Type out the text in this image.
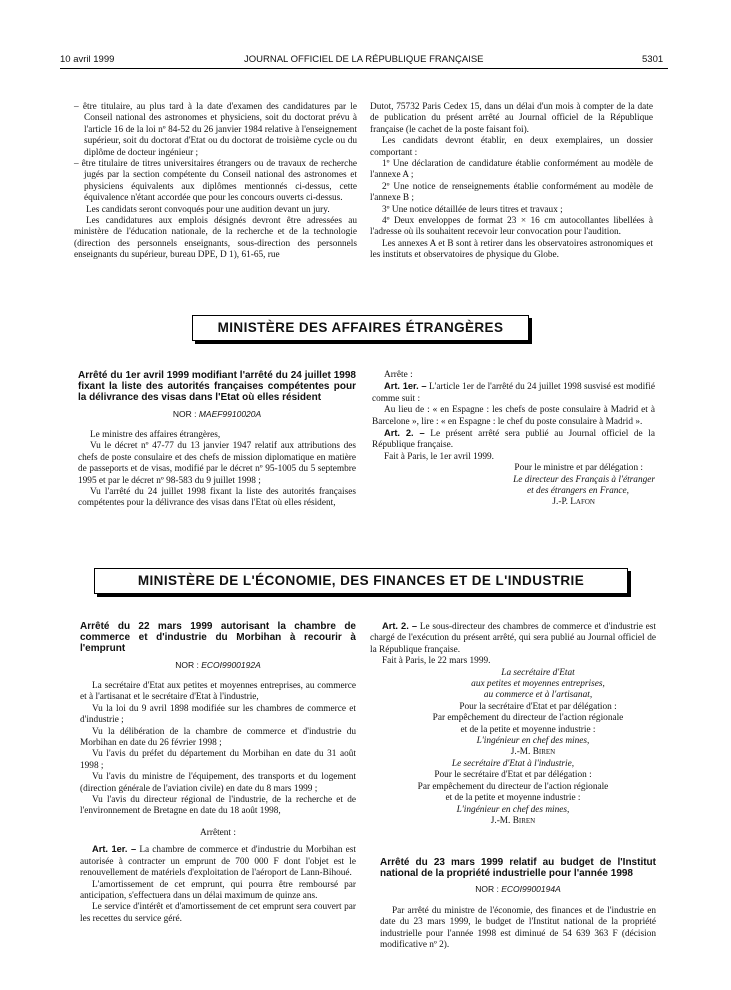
10 avril 1999	JOURNAL OFFICIEL DE LA RÉPUBLIQUE FRANÇAISE	5301

– être titulaire, au plus tard à la date d'examen des candidatures par le Conseil national des astronomes et physiciens, soit du doctorat prévu à l'article 16 de la loi nº 84-52 du 26 janvier 1984 relative à l'enseignement supérieur, soit du doctorat d'Etat ou du doctorat de troisième cycle ou du diplôme de docteur ingénieur ;

– être titulaire de titres universitaires étrangers ou de travaux de recherche jugés par la section compétente du Conseil national des astronomes et physiciens équivalents aux diplômes mentionnés ci-dessus, cette équivalence n'étant accordée que pour les concours ouverts ci-dessus.

Les candidats seront convoqués pour une audition devant un jury.

Les candidatures aux emplois désignés devront être adressées au ministère de l'éducation nationale, de la recherche et de la technologie (direction des personnels enseignants, sous-direction des personnels enseignants du supérieur, bureau DPE, D 1), 61-65, rue

Dutot, 75732 Paris Cedex 15, dans un délai d'un mois à compter de la date de publication du présent arrêté au Journal officiel de la République française (le cachet de la poste faisant foi).

Les candidats devront établir, en deux exemplaires, un dossier comportant :

1º Une déclaration de candidature établie conformément au modèle de l'annexe A ;

2º Une notice de renseignements établie conformément au modèle de l'annexe B ;

3º Une notice détaillée de leurs titres et travaux ;

4º Deux enveloppes de format 23 × 16 cm autocollantes libellées à l'adresse où ils souhaitent recevoir leur convocation pour l'audition.

Les annexes A et B sont à retirer dans les observatoires astronomiques et les instituts et observatoires de physique du Globe.

MINISTÈRE DES AFFAIRES ÉTRANGÈRES
Arrêté du 1er avril 1999 modifiant l'arrêté du 24 juillet 1998 fixant la liste des autorités françaises compétentes pour la délivrance des visas dans l'Etat où elles résident
NOR : MAEF9910020A

Le ministre des affaires étrangères,

Vu le décret nº 47-77 du 13 janvier 1947 relatif aux attributions des chefs de poste consulaire et des chefs de mission diplomatique en matière de passeports et de visas, modifié par le décret nº 95-1005 du 5 septembre 1995 et par le décret nº 98-583 du 9 juillet 1998 ;

Vu l'arrêté du 24 juillet 1998 fixant la liste des autorités françaises compétentes pour la délivrance des visas dans l'Etat où elles résident,

Arrête :

Art. 1er. – L'article 1er de l'arrêté du 24 juillet 1998 susvisé est modifié comme suit :

Au lieu de : « en Espagne : les chefs de poste consulaire à Madrid et à Barcelone », lire : « en Espagne : le chef du poste consulaire à Madrid ».

Art. 2. – Le présent arrêté sera publié au Journal officiel de la République française.

Fait à Paris, le 1er avril 1999.

Pour le ministre et par délégation :

Le directeur des Français à l'étranger

et des étrangers en France,

J.-P. Lafon

MINISTÈRE DE L'ÉCONOMIE, DES FINANCES ET DE L'INDUSTRIE
Arrêté du 22 mars 1999 autorisant la chambre de commerce et d'industrie du Morbihan à recourir à l'emprunt
NOR : ECOI9900192A

La secrétaire d'Etat aux petites et moyennes entreprises, au commerce et à l'artisanat et le secrétaire d'Etat à l'industrie,

Vu la loi du 9 avril 1898 modifiée sur les chambres de commerce et d'industrie ;

Vu la délibération de la chambre de commerce et d'industrie du Morbihan en date du 26 février 1998 ;

Vu l'avis du préfet du département du Morbihan en date du 31 août 1998 ;

Vu l'avis du ministre de l'équipement, des transports et du logement (direction générale de l'aviation civile) en date du 8 mars 1999 ;

Vu l'avis du directeur régional de l'industrie, de la recherche et de l'environnement de Bretagne en date du 18 août 1998,

Arrêtent :

Art. 1er. – La chambre de commerce et d'industrie du Morbihan est autorisée à contracter un emprunt de 700 000 F dont l'objet est le renouvellement de matériels d'exploitation de l'aéroport de Lann-Bihoué.

L'amortissement de cet emprunt, qui pourra être remboursé par anticipation, s'effectuera dans un délai maximum de quinze ans.

Le service d'intérêt et d'amortissement de cet emprunt sera couvert par les recettes du service géré.

Art. 2. – Le sous-directeur des chambres de commerce et d'industrie est chargé de l'exécution du présent arrêté, qui sera publié au Journal officiel de la République française.

Fait à Paris, le 22 mars 1999.

La secrétaire d'Etat

aux petites et moyennes entreprises,

au commerce et à l'artisanat,

Pour la secrétaire d'Etat et par délégation :

Par empêchement du directeur de l'action régionale

et de la petite et moyenne industrie :

L'ingénieur en chef des mines,

J.-M. Biren

Le secrétaire d'Etat à l'industrie,

Pour le secrétaire d'Etat et par délégation :

Par empêchement du directeur de l'action régionale

et de la petite et moyenne industrie :

L'ingénieur en chef des mines,

J.-M. Biren

Arrêté du 23 mars 1999 relatif au budget de l'Institut national de la propriété industrielle pour l'année 1998
NOR : ECOI9900194A

Par arrêté du ministre de l'économie, des finances et de l'industrie en date du 23 mars 1999, le budget de l'Institut national de la propriété industrielle pour l'année 1998 est diminué de 54 639 363 F (décision modificative nº 2).
